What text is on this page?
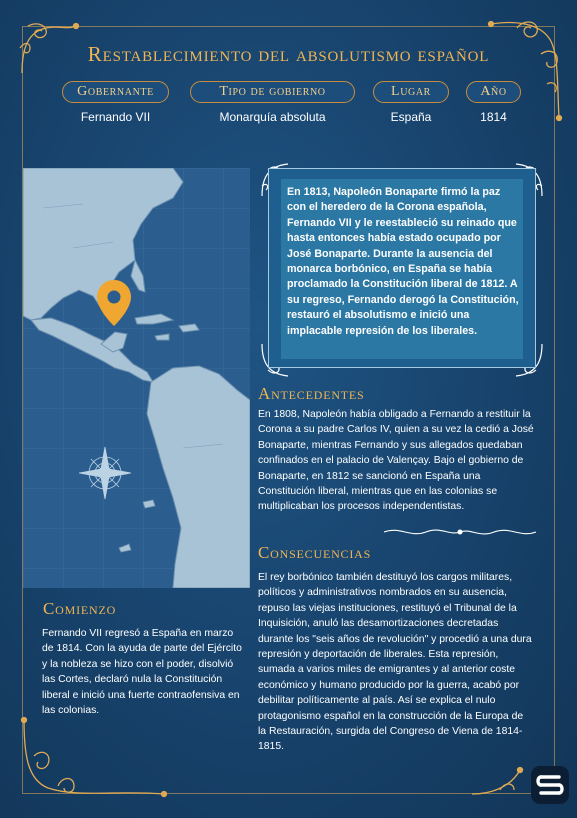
Restablecimiento del absolutismo español
Gobernante	Tipo de gobierno	Lugar	Año
Fernando VII	Monarquía absoluta	España	1814
En 1813, Napoleón Bonaparte firmó la paz con el heredero de la Corona española, Fernando VII y le reestableció su reinado que hasta entonces había estado ocupado por José Bonaparte. Durante la ausencia del monarca borbónico, en España se había proclamado la Constitución liberal de 1812. A su regreso, Fernando derogó la Constitución, restauró el absolutismo e inició una implacable represión de los liberales.
Antecedentes
En 1808, Napoleón había obligado a Fernando a restituir la Corona a su padre Carlos IV, quien a su vez la cedió a José Bonaparte, mientras Fernando y sus allegados quedaban confinados en el palacio de Valençay. Bajo el gobierno de Bonaparte, en 1812 se sancionó en España una Constitución liberal, mientras que en las colonias se multiplicaban los procesos independentistas.
Consecuencias
El rey borbónico también destituyó los cargos militares, políticos y administrativos nombrados en su ausencia, repuso las viejas instituciones, restituyó el Tribunal de la Inquisición, anuló las desamortizaciones decretadas durante los "seis años de revolución" y procedió a una dura represión y deportación de liberales. Esta represión, sumada a varios miles de emigrantes y al anterior coste económico y humano producido por la guerra, acabó por debilitar políticamente al país. Así se explica el nulo protagonismo español en la construcción de la Europa de la Restauración, surgida del Congreso de Viena de 1814-1815.
Comienzo
Fernando VII regresó a España en marzo de 1814. Con la ayuda de parte del Ejército y la nobleza se hizo con el poder, disolvió las Cortes, declaró nula la Constitución liberal e inició una fuerte contraofensiva en las colonias.
